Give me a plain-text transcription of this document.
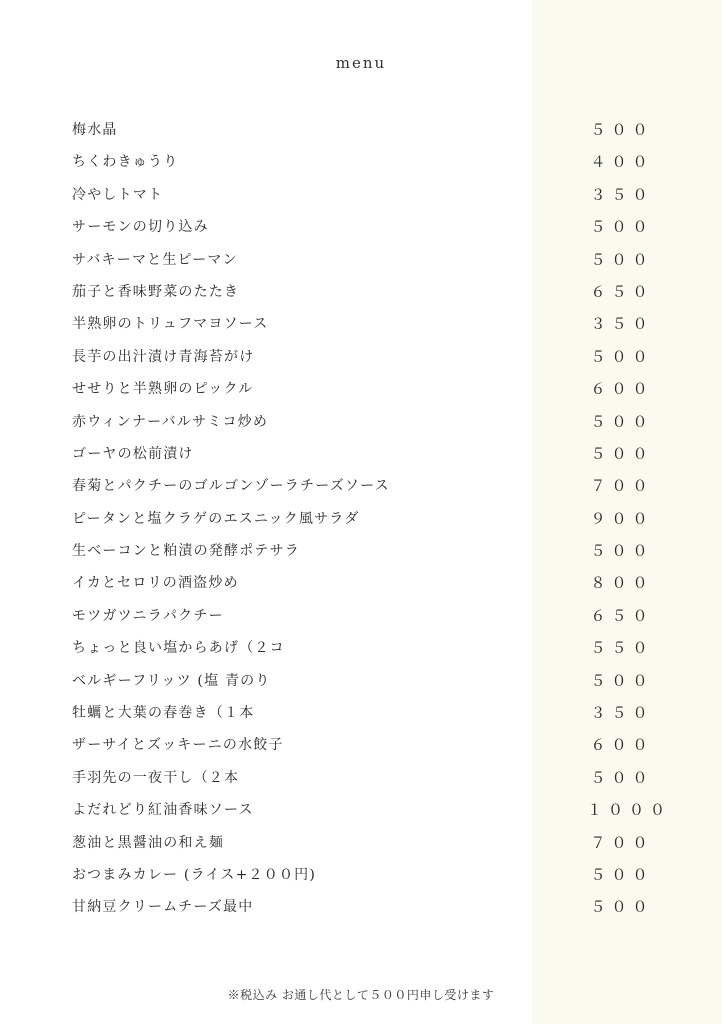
menu
梅水晶	５００
ちくわきゅうり	４００
冷やしトマト	３５０
サーモンの切り込み	５００
サバキーマと生ピーマン	５００
茄子と香味野菜のたたき	６５０
半熟卵のトリュフマヨソース	３５０
長芋の出汁漬け青海苔がけ	５００
せせりと半熟卵のピックル	６００
赤ウィンナーバルサミコ炒め	５００
ゴーヤの松前漬け	５００
春菊とパクチーのゴルゴンゾーラチーズソース	７００
ピータンと塩クラゲのエスニック風サラダ	９００
生ベーコンと粕漬の発酵ポテサラ	５００
イカとセロリの酒盗炒め	８００
モツガツニラパクチー	６５０
ちょっと良い塩からあげ（２コ	５５０
ベルギーフリッツ (塩 青のり	５００
牡蠣と大葉の春巻き（１本	３５０
ザーサイとズッキーニの水餃子	６００
手羽先の一夜干し（２本	５００
よだれどり紅油香味ソース	１０００
葱油と黒醤油の和え麺	７００
おつまみカレー (ライス+２００円)	５００
甘納豆クリームチーズ最中	５００
※税込み お通し代として５００円申し受けます
